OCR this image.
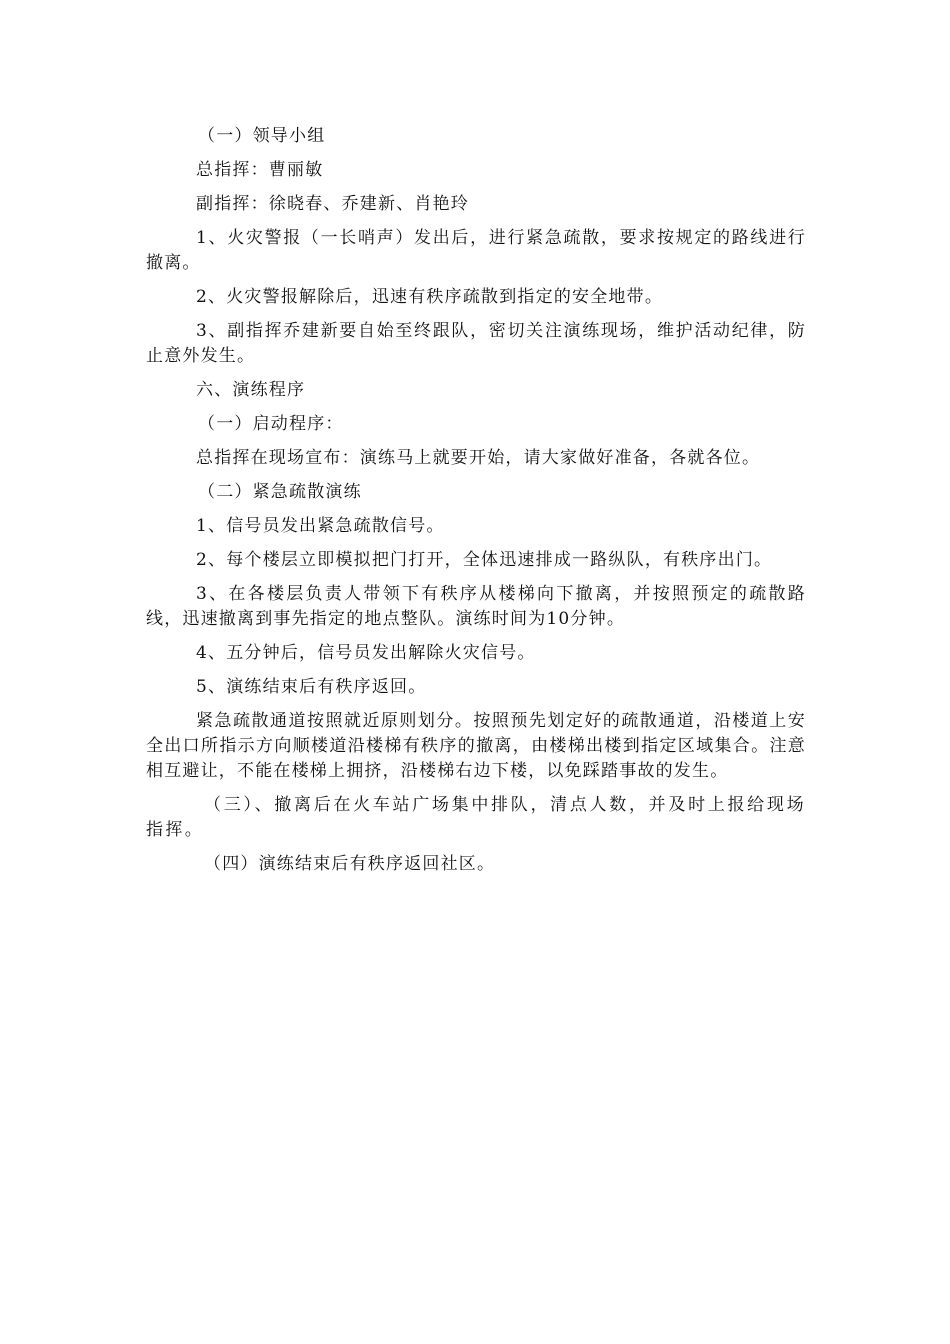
（一）领导小组

总指挥：曹丽敏

副指挥：徐晓春、乔建新、肖艳玲

1、火灾警报（一长哨声）发出后，进行紧急疏散，要求按规定的路线进行撤离。

2、火灾警报解除后，迅速有秩序疏散到指定的安全地带。

3、副指挥乔建新要自始至终跟队，密切关注演练现场，维护活动纪律，防止意外发生。

六、演练程序

（一）启动程序：

总指挥在现场宣布：演练马上就要开始，请大家做好准备，各就各位。

（二）紧急疏散演练

1、信号员发出紧急疏散信号。

2、每个楼层立即模拟把门打开，全体迅速排成一路纵队，有秩序出门。

3、在各楼层负责人带领下有秩序从楼梯向下撤离，并按照预定的疏散路线，迅速撤离到事先指定的地点整队。演练时间为10分钟。

4、五分钟后，信号员发出解除火灾信号。

5、演练结束后有秩序返回。

紧急疏散通道按照就近原则划分。按照预先划定好的疏散通道，沿楼道上安全出口所指示方向顺楼道沿楼梯有秩序的撤离，由楼梯出楼到指定区域集合。注意相互避让，不能在楼梯上拥挤，沿楼梯右边下楼，以免踩踏事故的发生。

（三）、撤离后在火车站广场集中排队，清点人数，并及时上报给现场指挥。

（四）演练结束后有秩序返回社区。
